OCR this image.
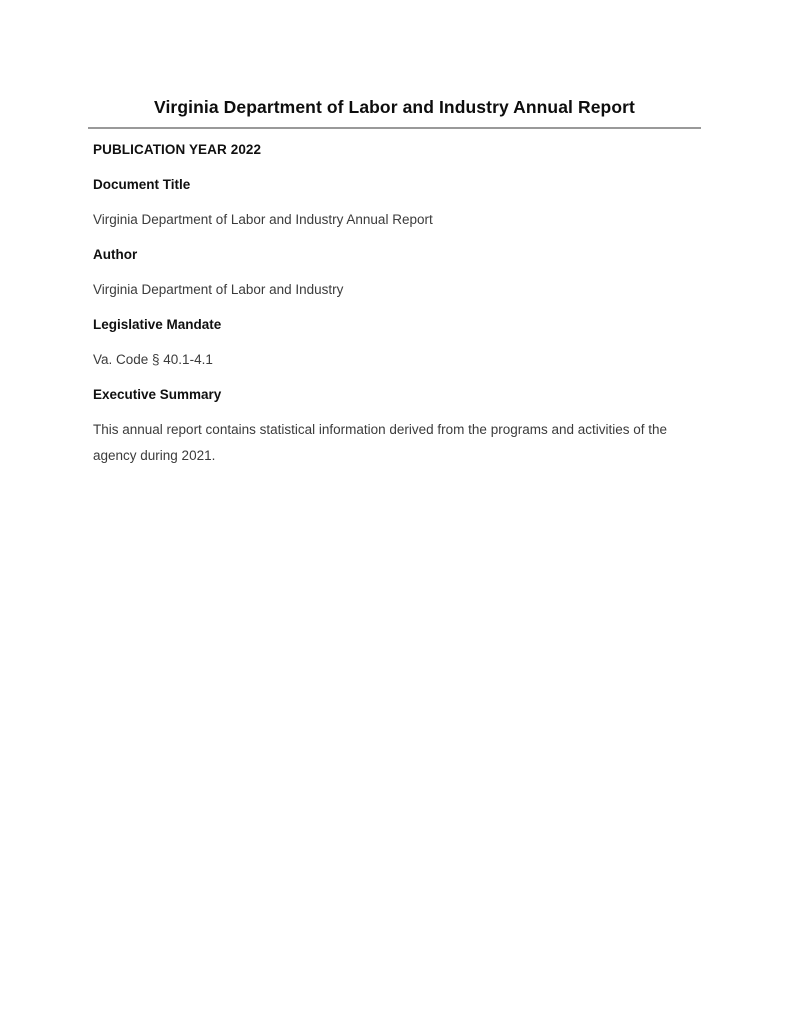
Virginia Department of Labor and Industry Annual Report

PUBLICATION YEAR 2022

Document Title

Virginia Department of Labor and Industry Annual Report

Author

Virginia Department of Labor and Industry

Legislative Mandate

Va. Code § 40.1-4.1

Executive Summary

This annual report contains statistical information derived from the programs and activities of the agency during 2021.
